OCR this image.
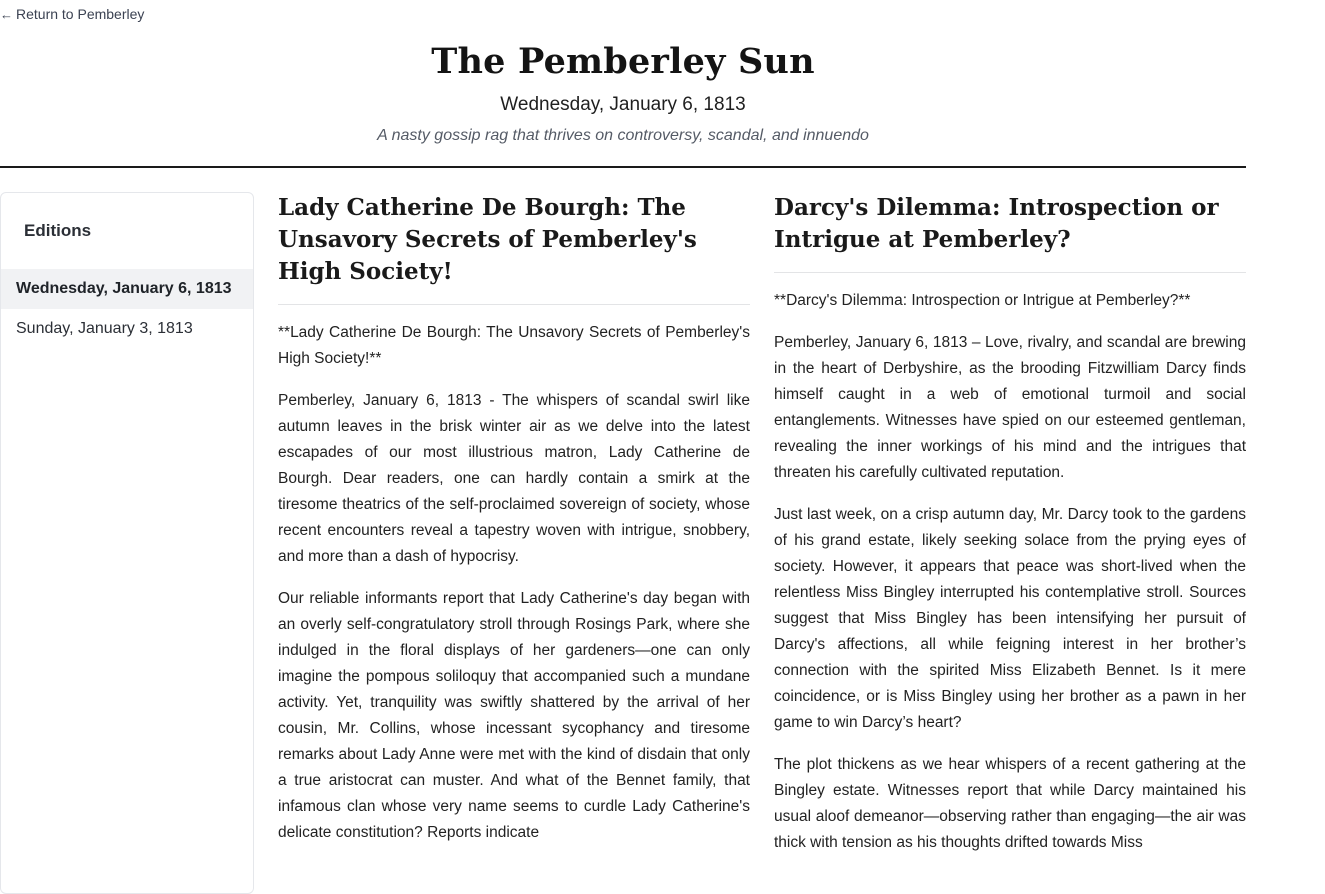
← Return to Pemberley
The Pemberley Sun
Wednesday, January 6, 1813
A nasty gossip rag that thrives on controversy, scandal, and innuendo
Editions
Wednesday, January 6, 1813
Sunday, January 3, 1813
Lady Catherine De Bourgh: The Unsavory Secrets of Pemberley's High Society!

**Lady Catherine De Bourgh: The Unsavory Secrets of Pemberley's High Society!**

Pemberley, January 6, 1813 - The whispers of scandal swirl like autumn leaves in the brisk winter air as we delve into the latest escapades of our most illustrious matron, Lady Catherine de Bourgh. Dear readers, one can hardly contain a smirk at the tiresome theatrics of the self-proclaimed sovereign of society, whose recent encounters reveal a tapestry woven with intrigue, snobbery, and more than a dash of hypocrisy.

Our reliable informants report that Lady Catherine's day began with an overly self-congratulatory stroll through Rosings Park, where she indulged in the floral displays of her gardeners—one can only imagine the pompous soliloquy that accompanied such a mundane activity. Yet, tranquility was swiftly shattered by the arrival of her cousin, Mr. Collins, whose incessant sycophancy and tiresome remarks about Lady Anne were met with the kind of disdain that only a true aristocrat can muster. And what of the Bennet family, that infamous clan whose very name seems to curdle Lady Catherine's delicate constitution? Reports indicate

Darcy's Dilemma: Introspection or Intrigue at Pemberley?

**Darcy's Dilemma: Introspection or Intrigue at Pemberley?**

Pemberley, January 6, 1813 – Love, rivalry, and scandal are brewing in the heart of Derbyshire, as the brooding Fitzwilliam Darcy finds himself caught in a web of emotional turmoil and social entanglements. Witnesses have spied on our esteemed gentleman, revealing the inner workings of his mind and the intrigues that threaten his carefully cultivated reputation.

Just last week, on a crisp autumn day, Mr. Darcy took to the gardens of his grand estate, likely seeking solace from the prying eyes of society. However, it appears that peace was short-lived when the relentless Miss Bingley interrupted his contemplative stroll. Sources suggest that Miss Bingley has been intensifying her pursuit of Darcy's affections, all while feigning interest in her brother’s connection with the spirited Miss Elizabeth Bennet. Is it mere coincidence, or is Miss Bingley using her brother as a pawn in her game to win Darcy’s heart?

The plot thickens as we hear whispers of a recent gathering at the Bingley estate. Witnesses report that while Darcy maintained his usual aloof demeanor—observing rather than engaging—the air was thick with tension as his thoughts drifted towards Miss
